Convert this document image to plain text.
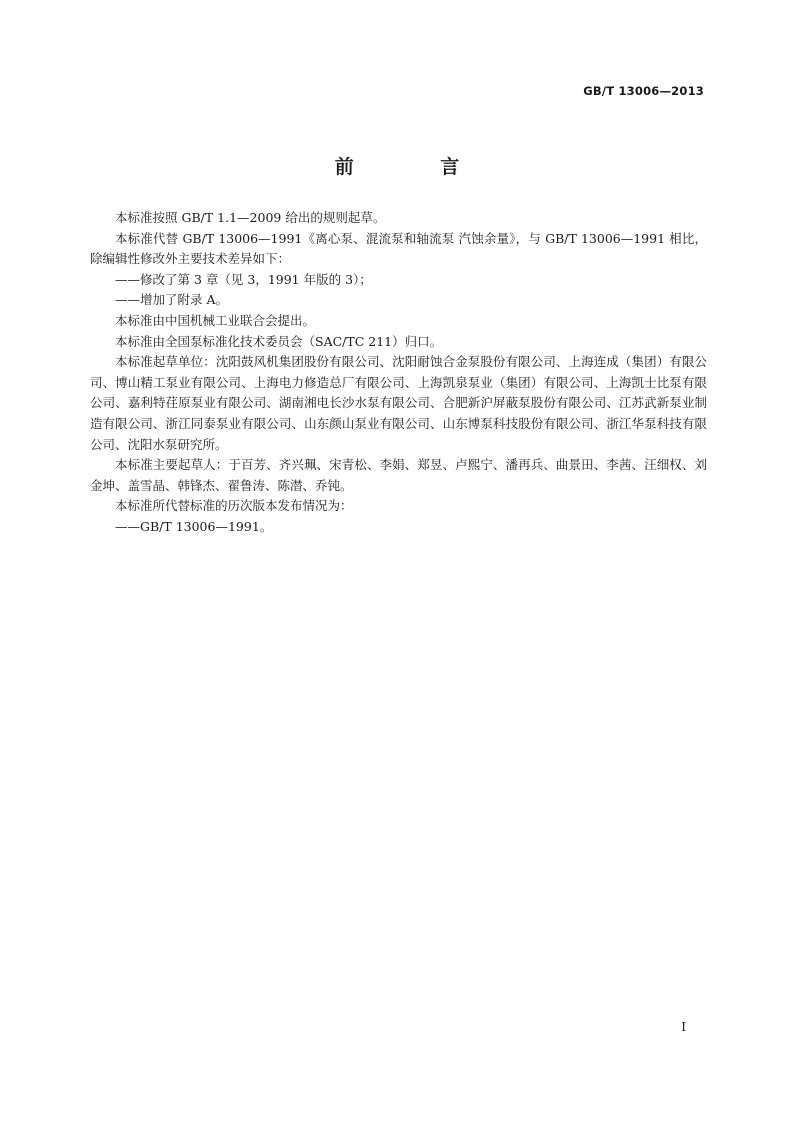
GB/T 13006—2013
前 言

本标准按照 GB/T 1.1—2009 给出的规则起草。

本标准代替 GB/T 13006—1991《离心泵、混流泵和轴流泵 汽蚀余量》，与 GB/T 13006—1991 相比，除编辑性修改外主要技术差异如下：

——修改了第 3 章（见 3，1991 年版的 3）；

——增加了附录 A。

本标准由中国机械工业联合会提出。

本标准由全国泵标准化技术委员会（SAC/TC 211）归口。

本标准起草单位：沈阳鼓风机集团股份有限公司、沈阳耐蚀合金泵股份有限公司、上海连成（集团）有限公司、博山精工泵业有限公司、上海电力修造总厂有限公司、上海凯泉泵业（集团）有限公司、上海凯士比泵有限公司、嘉利特荏原泵业有限公司、湖南湘电长沙水泵有限公司、合肥新沪屏蔽泵股份有限公司、江苏武新泵业制造有限公司、浙江同泰泵业有限公司、山东颜山泵业有限公司、山东博泵科技股份有限公司、浙江华泵科技有限公司、沈阳水泵研究所。

本标准主要起草人：于百芳、齐兴珮、宋青松、李娟、郑昱、卢熙宁、潘再兵、曲景田、李茜、汪细权、刘金坤、盖雪晶、韩锋杰、翟鲁涛、陈潜、乔钝。

本标准所代替标准的历次版本发布情况为：

——GB/T 13006—1991。

I
